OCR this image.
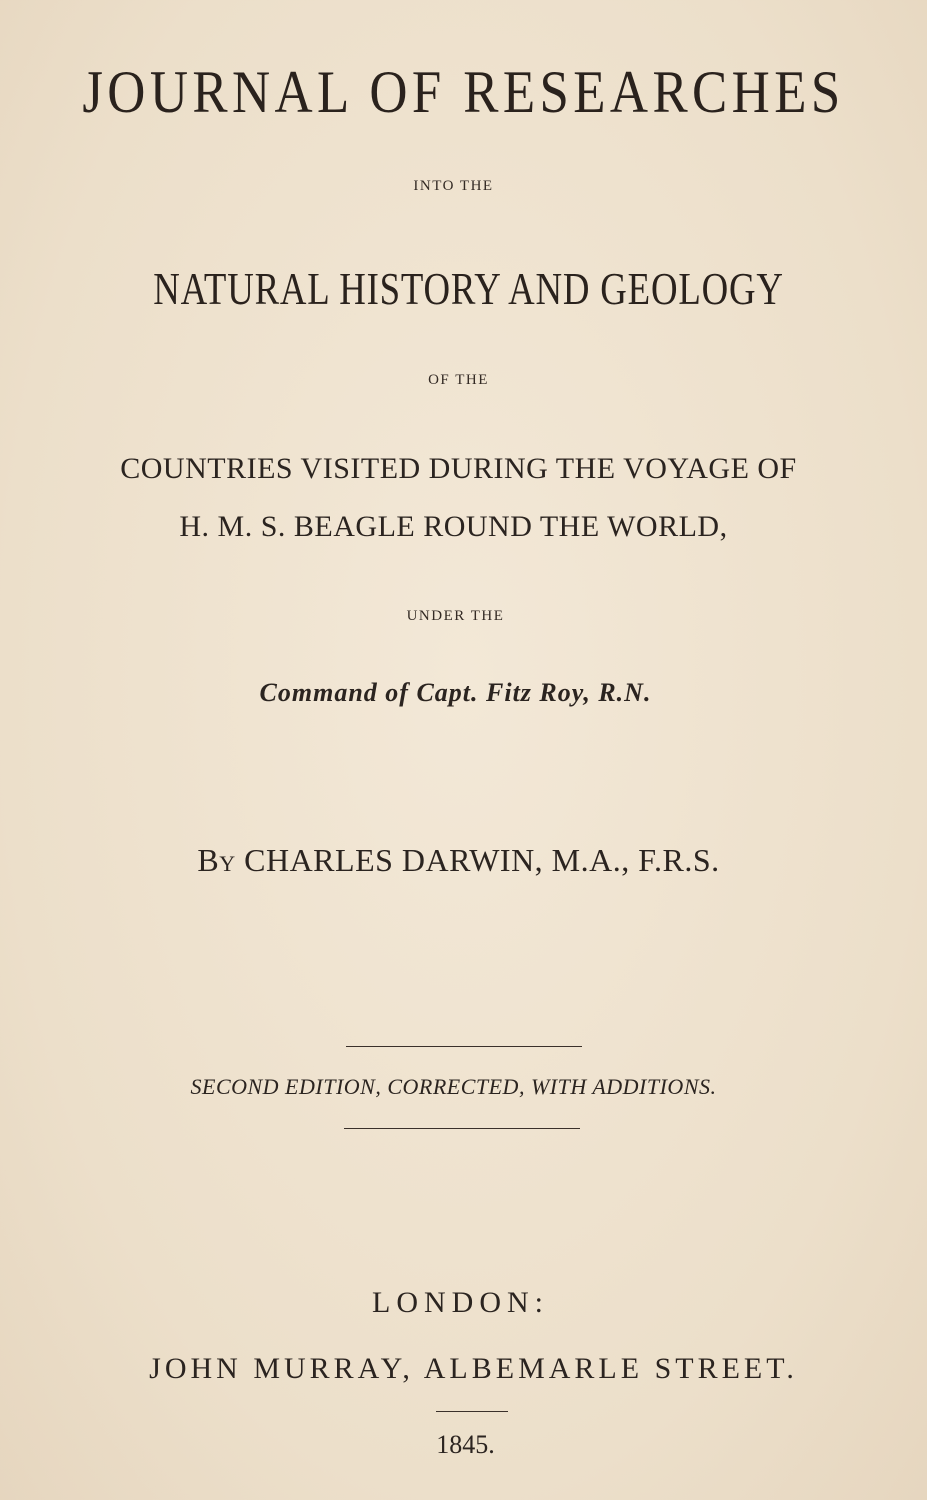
JOURNAL OF RESEARCHES
INTO THE
NATURAL HISTORY AND GEOLOGY
OF THE
COUNTRIES VISITED DURING THE VOYAGE OF
H. M. S. BEAGLE ROUND THE WORLD,
UNDER THE
Command of Capt. Fitz Roy, R.N.
By CHARLES DARWIN, M.A., F.R.S.
SECOND EDITION, CORRECTED, WITH ADDITIONS.
LONDON:
JOHN MURRAY, ALBEMARLE STREET.
1845.
